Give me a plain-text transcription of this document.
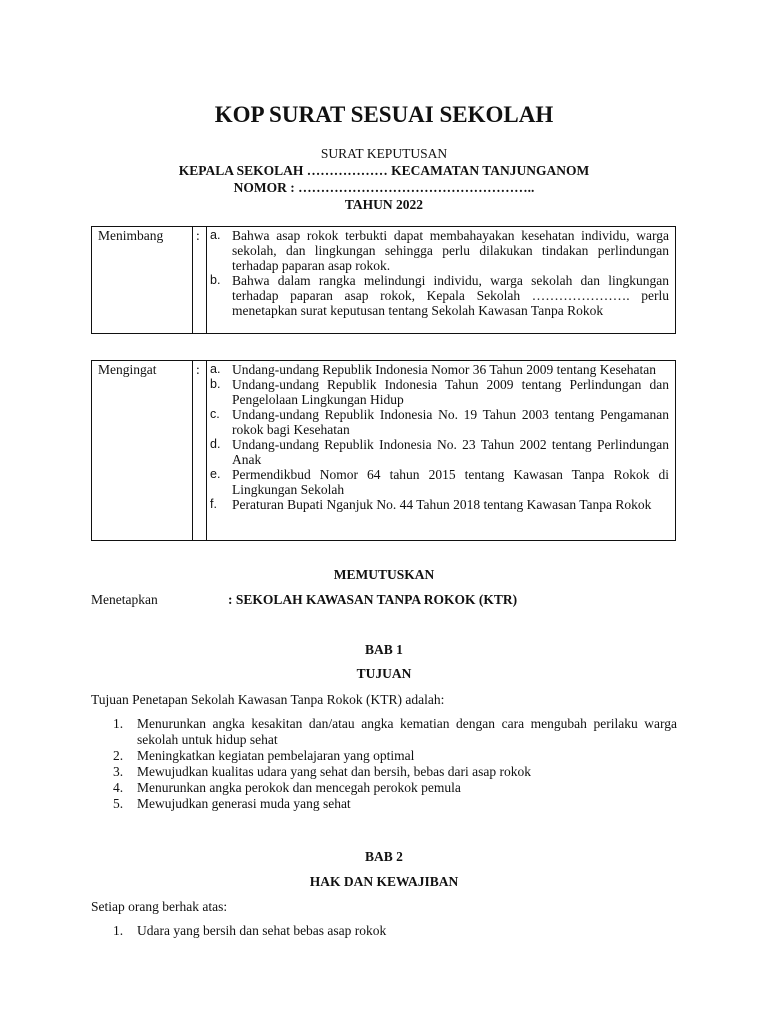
KOP SURAT SESUAI SEKOLAH
SURAT KEPUTUSAN
KEPALA SEKOLAH ……………… KECAMATAN TANJUNGANOM
NOMOR : ……………………………………………..
TAHUN 2022
Menimbang : a. Bahwa asap rokok terbukti dapat membahayakan kesehatan individu, warga sekolah, dan lingkungan sehingga perlu dilakukan tindakan perlindungan terhadap paparan asap rokok.
b. Bahwa dalam rangka melindungi individu, warga sekolah dan lingkungan terhadap paparan asap rokok, Kepala Sekolah …………………. perlu menetapkan surat keputusan tentang Sekolah Kawasan Tanpa Rokok
Mengingat	: a. Undang-undang Republik Indonesia Nomor 36 Tahun 2009 tentang Kesehatan
b. Undang-undang Republik Indonesia Tahun 2009 tentang Perlindungan dan Pengelolaan Lingkungan Hidup
c. Undang-undang Republik Indonesia No. 19 Tahun 2003 tentang Pengamanan rokok bagi Kesehatan
d. Undang-undang Republik Indonesia No. 23 Tahun 2002 tentang Perlindungan Anak
e. Permendikbud Nomor 64 tahun 2015 tentang Kawasan Tanpa Rokok di Lingkungan Sekolah
f. Peraturan Bupati Nganjuk No. 44 Tahun 2018 tentang Kawasan Tanpa Rokok
MEMUTUSKAN
Menetapkan	: SEKOLAH KAWASAN TANPA ROKOK (KTR)
BAB 1
TUJUAN
Tujuan Penetapan Sekolah Kawasan Tanpa Rokok (KTR) adalah:
1. Menurunkan angka kesakitan dan/atau angka kematian dengan cara mengubah perilaku warga sekolah untuk hidup sehat
2. Meningkatkan kegiatan pembelajaran yang optimal
3. Mewujudkan kualitas udara yang sehat dan bersih, bebas dari asap rokok
4. Menurunkan angka perokok dan mencegah perokok pemula
5. Mewujudkan generasi muda yang sehat
BAB 2
HAK DAN KEWAJIBAN
Setiap orang berhak atas:
1. Udara yang bersih dan sehat bebas asap rokok
